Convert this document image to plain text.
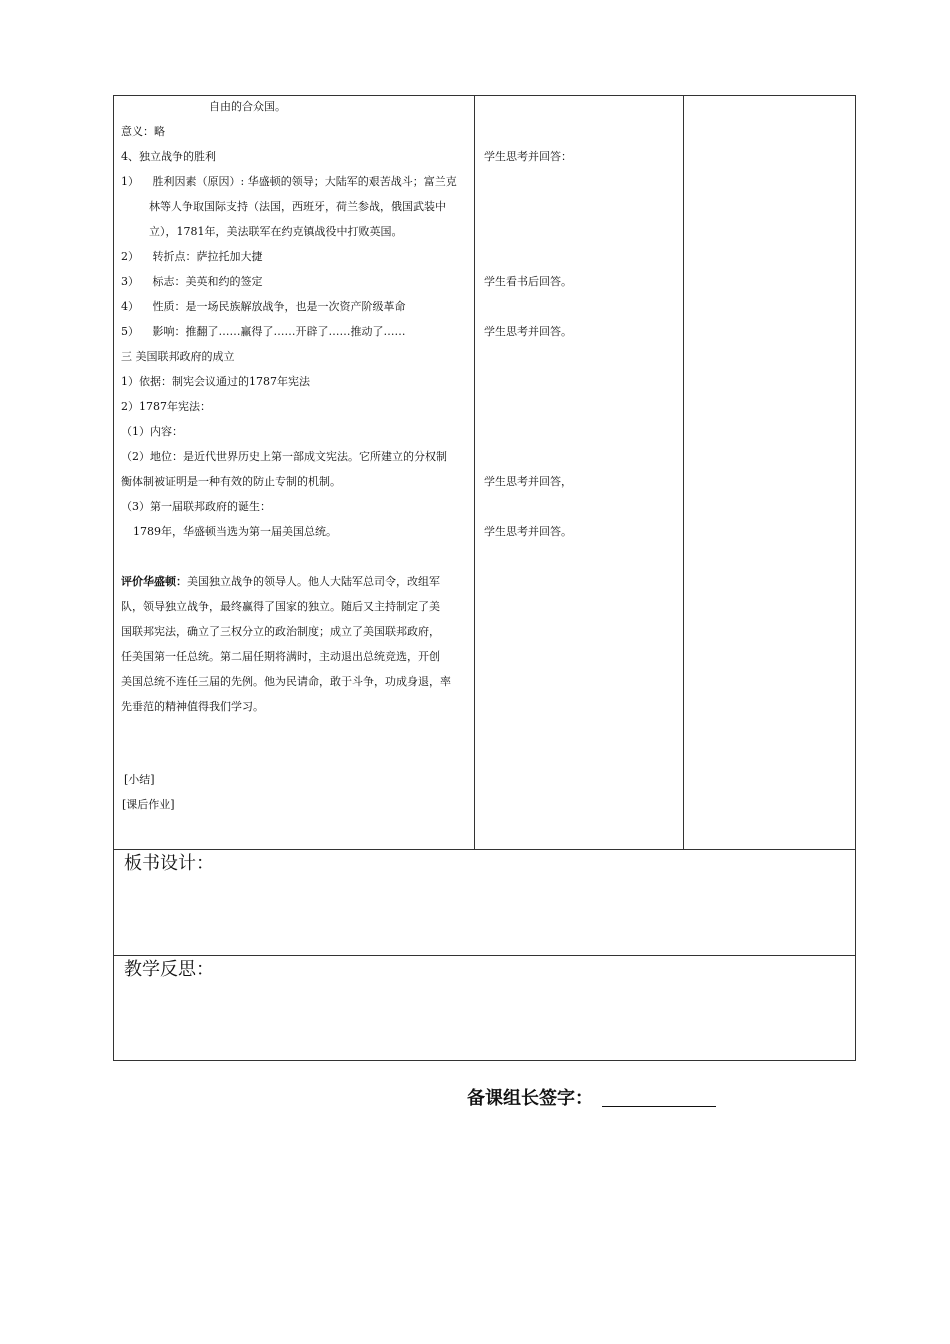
自由的合众国。
意义：略
4、独立战争的胜利
1） 胜利因素（原因）: 华盛顿的领导；大陆军的艰苦战斗；富兰克
林等人争取国际支持（法国，西班牙，荷兰参战，俄国武装中
立），1781年，美法联军在约克镇战役中打败英国。
2） 转折点：萨拉托加大捷
3） 标志：美英和约的签定
4） 性质：是一场民族解放战争，也是一次资产阶级革命
5） 影响：推翻了……赢得了……开辟了……推动了……
三 美国联邦政府的成立
1）依据：制宪会议通过的1787年宪法
2）1787年宪法：
（1）内容：
（2）地位：是近代世界历史上第一部成文宪法。它所建立的分权制
衡体制被证明是一种有效的防止专制的机制。
（3）第一届联邦政府的诞生：
1789年，华盛顿当选为第一届美国总统。
评价华盛顿：美国独立战争的领导人。他人大陆军总司令，改组军
队，领导独立战争，最终赢得了国家的独立。随后又主持制定了美
国联邦宪法，确立了三权分立的政治制度；成立了美国联邦政府，
任美国第一任总统。第二届任期将满时，主动退出总统竞选，开创
美国总统不连任三届的先例。他为民请命，敢于斗争，功成身退，率
先垂范的精神值得我们学习。
[小结]
[课后作业]
学生思考并回答：
学生看书后回答。
学生思考并回答。
学生思考并回答，
学生思考并回答。
板书设计：
教学反思：
备课组长签字：
